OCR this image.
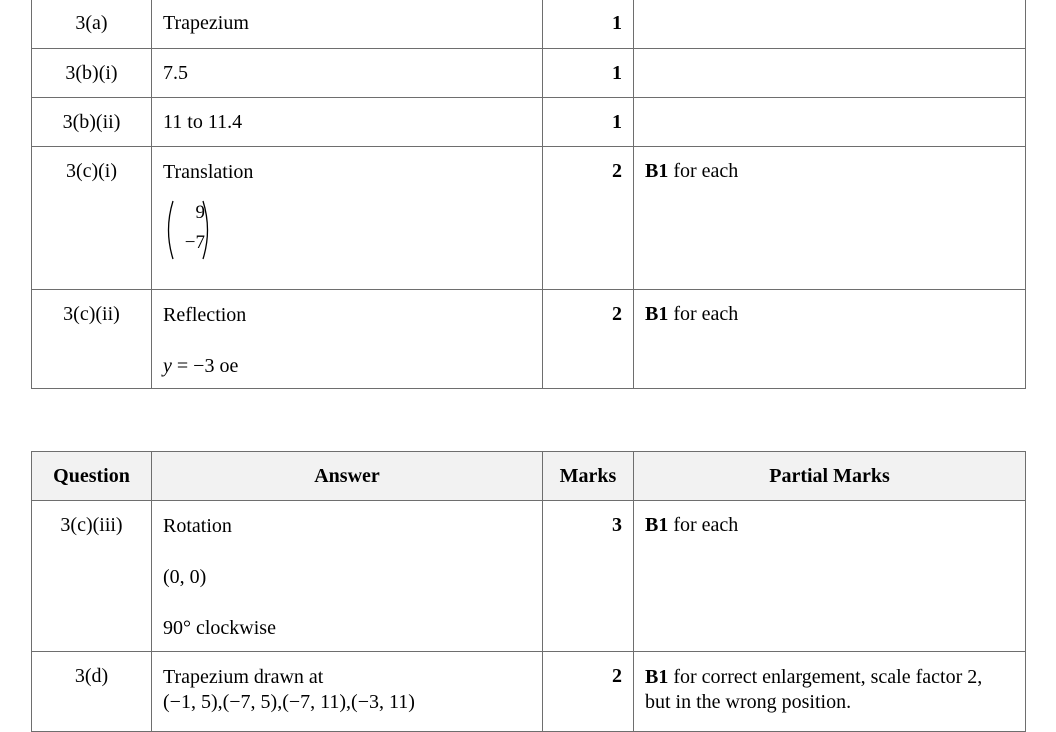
3(a)	Trapezium	1	
3(b)(i)	7.5	1	
3(b)(ii)	11 to 11.4	1	
3(c)(i)	Translation
9
−7	2	B1 for each
3(c)(ii)	Reflection
y = −3 oe	2	B1 for each
Question	Answer	Marks	Partial Marks
3(c)(iii)	Rotation
(0, 0)
90° clockwise	3	B1 for each
3(d)	Trapezium drawn at
(−1, 5),(−7, 5),(−7, 11),(−3, 11)	2	B1 for correct enlargement, scale factor 2, but in the wrong position.
